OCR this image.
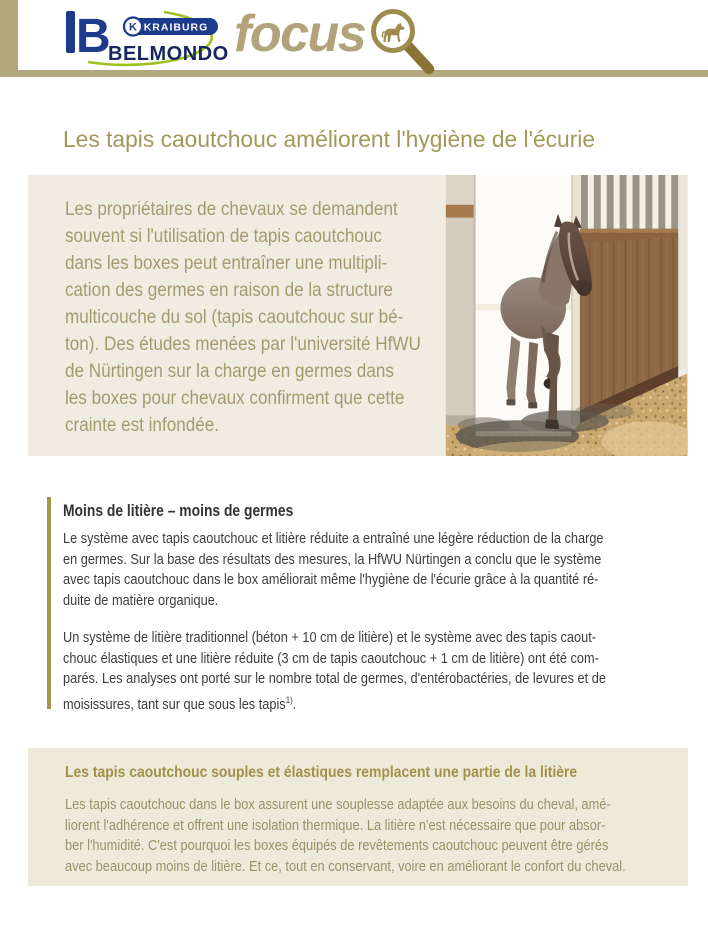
B
BELMONDO
KRAIBURG
K focus
Les tapis caoutchouc améliorent l'hygiène de l'écurie
Les propriétaires de chevaux se demandent
souvent si l'utilisation de tapis caoutchouc
dans les boxes peut entraîner une multipli-
cation des germes en raison de la structure
multicouche du sol (tapis caoutchouc sur bé-
ton). Des études menées par l'université HfWU
de Nürtingen sur la charge en germes dans
les boxes pour chevaux confirment que cette
crainte est infondée.
Moins de litière – moins de germes
Le système avec tapis caoutchouc et litière réduite a entraîné une légère réduction de la charge
en germes. Sur la base des résultats des mesures, la HfWU Nürtingen a conclu que le système
avec tapis caoutchouc dans le box améliorait même l'hygiène de l'écurie grâce à la quantité ré-
duite de matière organique.
Un système de litière traditionnel (béton + 10 cm de litière) et le système avec des tapis caout-
chouc élastiques et une litière réduite (3 cm de tapis caoutchouc + 1 cm de litière) ont été com-
parés. Les analyses ont porté sur le nombre total de germes, d'entérobactéries, de levures et de
moisissures, tant sur que sous les tapis$^{1)}$.
Les tapis caoutchouc souples et élastiques remplacent une partie de la litière
Les tapis caoutchouc dans le box assurent une souplesse adaptée aux besoins du cheval, amé-
liorent l'adhérence et offrent une isolation thermique. La litière n'est nécessaire que pour absor-
ber l'humidité. C'est pourquoi les boxes équipés de revêtements caoutchouc peuvent être gérés
avec beaucoup moins de litière. Et ce, tout en conservant, voire en améliorant le confort du cheval.
